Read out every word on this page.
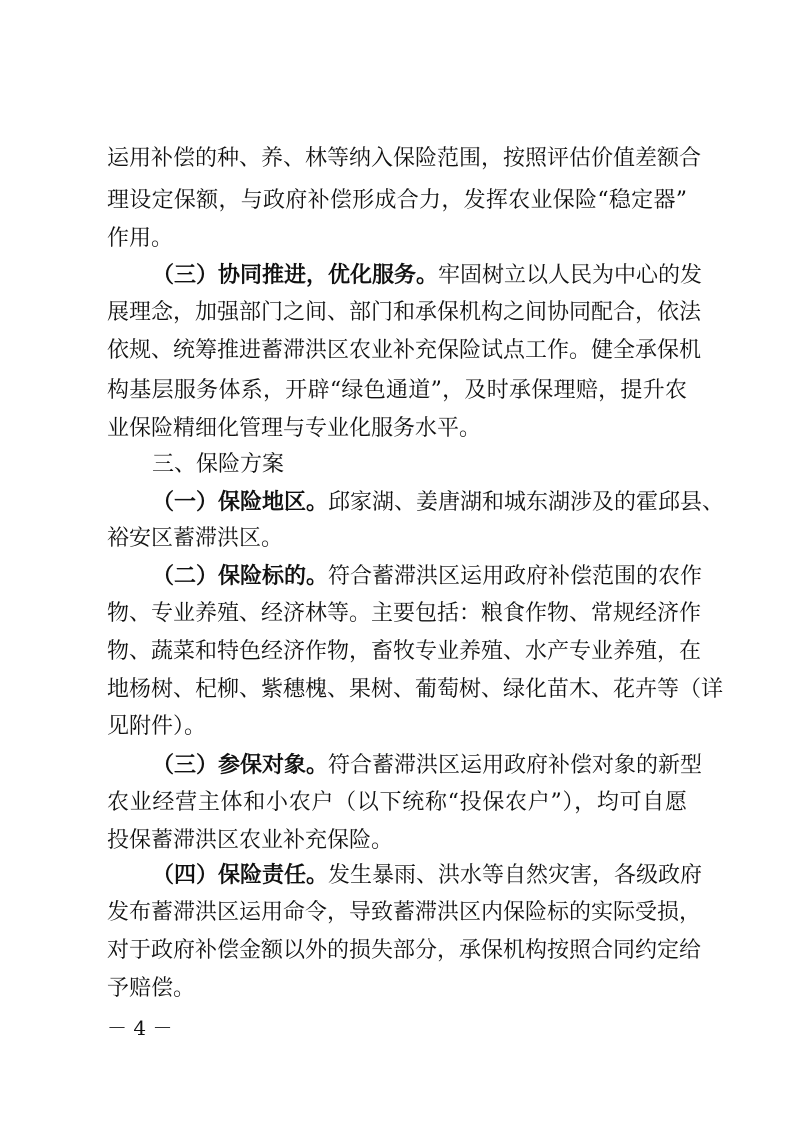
运用补偿的种、养、林等纳入保险范围，按照评估价值差额合
理设定保额，与政府补偿形成合力，发挥农业保险“稳定器”
作用。
（三）协同推进，优化服务。牢固树立以人民为中心的发
展理念，加强部门之间、部门和承保机构之间协同配合，依法
依规、统筹推进蓄滞洪区农业补充保险试点工作。健全承保机
构基层服务体系，开辟“绿色通道”，及时承保理赔，提升农
业保险精细化管理与专业化服务水平。
三、保险方案
（一）保险地区。邱家湖、姜唐湖和城东湖涉及的霍邱县、
裕安区蓄滞洪区。
（二）保险标的。符合蓄滞洪区运用政府补偿范围的农作
物、专业养殖、经济林等。主要包括：粮食作物、常规经济作
物、蔬菜和特色经济作物，畜牧专业养殖、水产专业养殖，在
地杨树、杞柳、紫穗槐、果树、葡萄树、绿化苗木、花卉等（详
见附件）。
（三）参保对象。符合蓄滞洪区运用政府补偿对象的新型
农业经营主体和小农户（以下统称“投保农户”），均可自愿
投保蓄滞洪区农业补充保险。
（四）保险责任。发生暴雨、洪水等自然灾害，各级政府
发布蓄滞洪区运用命令，导致蓄滞洪区内保险标的实际受损，
对于政府补偿金额以外的损失部分，承保机构按照合同约定给
予赔偿。
－ 4 －
